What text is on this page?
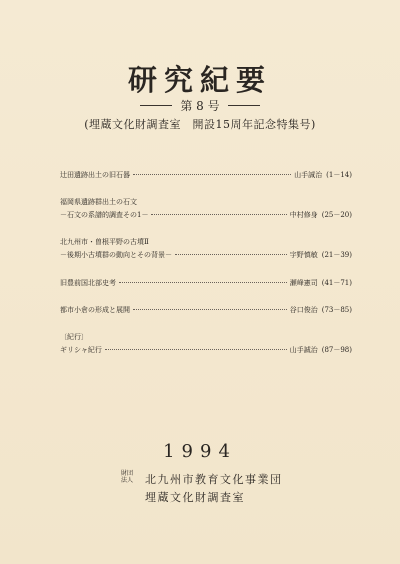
研究紀要
第 8 号
(埋蔵文化財調査室　開設15周年記念特集号)
辻田遺跡出土の旧石器	山手誠治 (1－14)
福岡県遺跡群出土の石文
－石文の系譜的調査その1－	中村修身 (25－20)
北九州市・曽根平野の古墳Ⅱ
－後期小古墳群の動向とその背景－	宇野慎敏 (21－39)
旧豊前国北部史考	瀬峰憲司 (41－71)
都市小倉の形成と展開	谷口俊治 (73－85)
〔紀行〕
ギリシャ紀行	山手誠治 (87－98)
1994
財団
法人	北九州市教育文化事業団
埋蔵文化財調査室
